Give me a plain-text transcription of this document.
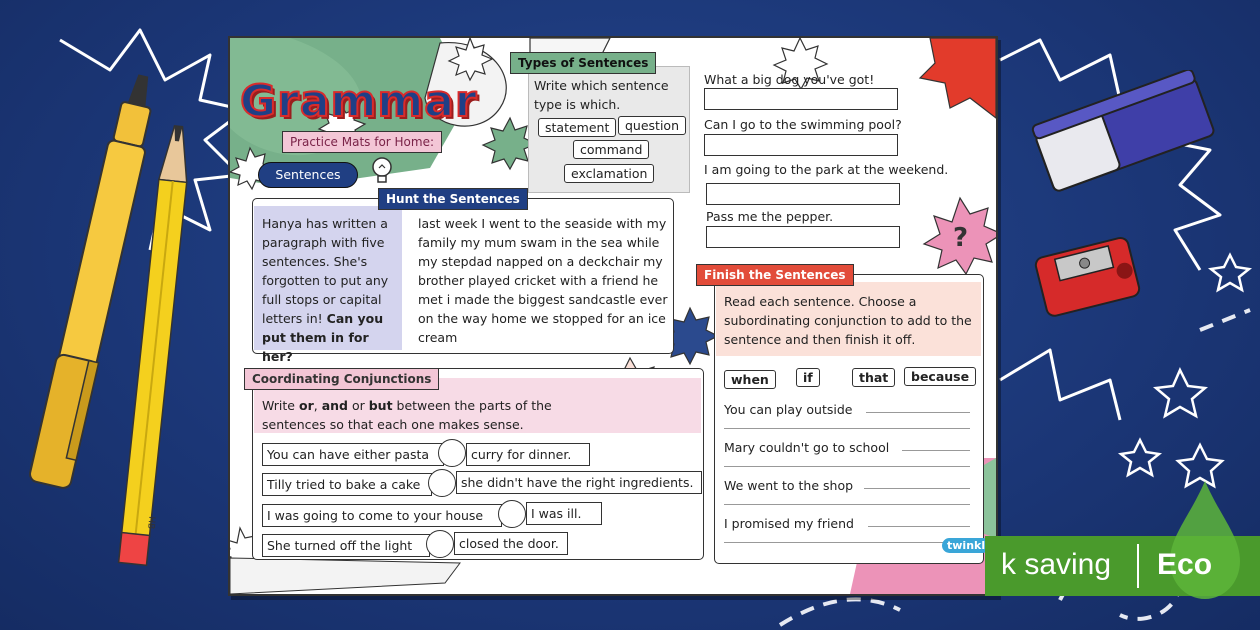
HB
?
Grammar
Practice Mats for Home:
Sentences
Types of Sentences
Write which sentence type is which.
statement	question
command
exclamation
What a big dog you've got!
Can I go to the swimming pool?
I am going to the park at the weekend.
Pass me the pepper.
Hunt the Sentences
Hanya has written a paragraph with five sentences. She's forgotten to put any full stops or capital letters in! Can you put them in for her?
last week I went to the seaside with my family my mum swam in the sea while my stepdad napped on a deckchair my brother played cricket with a friend he met i made the biggest sandcastle ever on the way home we stopped for an ice cream
Coordinating Conjunctions
Write or, and or but between the parts of the sentences so that each one makes sense.
You can have either pasta	curry for dinner.
Tilly tried to bake a cake	she didn't have the right ingredients.
I was going to come to your house	I was ill.
She turned off the light	closed the door.
Finish the Sentences
Read each sentence. Choose a subordinating conjunction to add to the sentence and then finish it off.
when	if	that	because
You can play outside
Mary couldn't go to school
We went to the shop
I promised my friend
twinkl
k saving Eco
